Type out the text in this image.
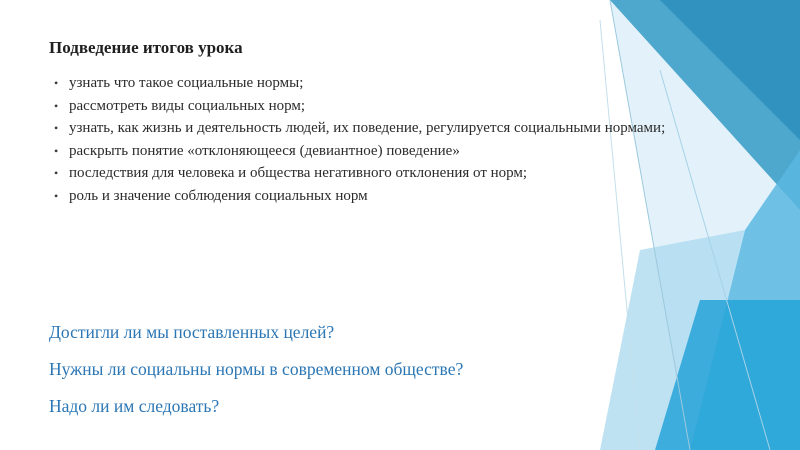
Подведение итогов урока
• узнать что такое социальные нормы;
• рассмотреть виды социальных норм;
• узнать, как жизнь и деятельность людей, их поведение, регулируется социальными нормами;
• раскрыть понятие «отклоняющееся (девиантное) поведение»
• последствия для человека и общества негативного отклонения от норм;
• роль и значение соблюдения социальных норм
Достигли ли мы поставленных целей?
Нужны ли социальны нормы в современном обществе?
Надо ли им следовать?
